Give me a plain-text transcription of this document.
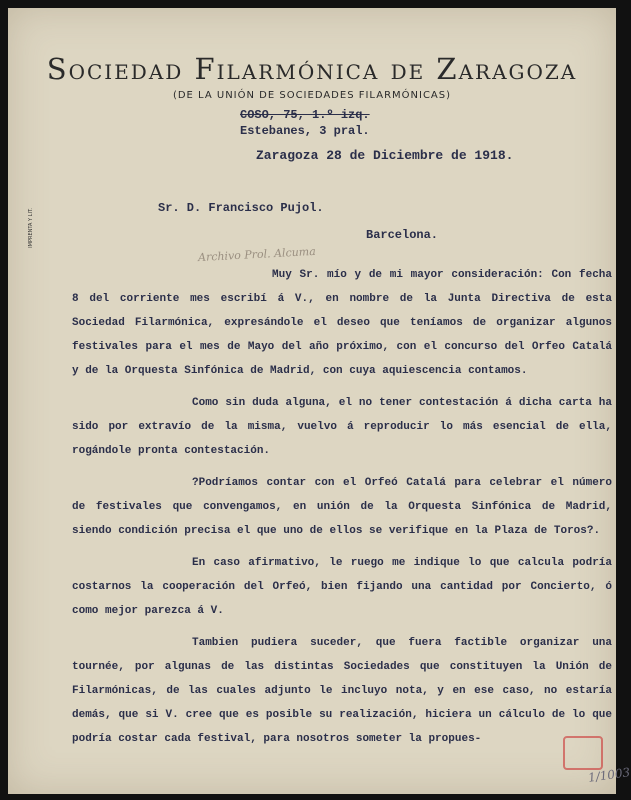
Sociedad Filarmónica de Zaragoza
(DE LA UNIÓN DE SOCIEDADES FILARMÓNICAS)
COSO, 75, 1.º izq.
Estebanes, 3 pral.
Zaragoza 28 de Diciembre de 1918.
Sr. D. Francisco Pujol.
Barcelona.
IMPRENTA Y LIT.
Archivo Prol. Alcuma

Muy Sr. mío y de mi mayor consideración: Con fecha 8 del corriente mes escribí á V., en nombre de la Junta Directiva de esta Sociedad Filarmónica, expresándole el deseo que teníamos de organizar algunos festivales para el mes de Mayo del año próximo, con el concurso del Orfeo Catalá y de la Orquesta Sinfónica de Madrid, con cuya aquiescencia contamos.

Como sin duda alguna, el no tener contestación á dicha carta ha sido por extravío de la misma, vuelvo á reproducir lo más esencial de ella, rogándole pronta contestación.

?Podríamos contar con el Orfeó Catalá para celebrar el número de festivales que convengamos, en unión de la Orquesta Sinfónica de Madrid, siendo condición precisa el que uno de ellos se verifique en la Plaza de Toros?.

En caso afirmativo, le ruego me indique lo que calcula podría costarnos la cooperación del Orfeó, bien fijando una cantidad por Concierto, ó como mejor parezca á V.

Tambien pudiera suceder, que fuera factible organizar una tournée, por algunas de las distintas Sociedades que constituyen la Unión de Filarmónicas, de las cuales adjunto le incluyo nota, y en ese caso, no estaría demás, que si V. cree que es posible su realización, hiciera un cálculo de lo que podría costar cada festival, para nosotros someter la propues-

1/1003
